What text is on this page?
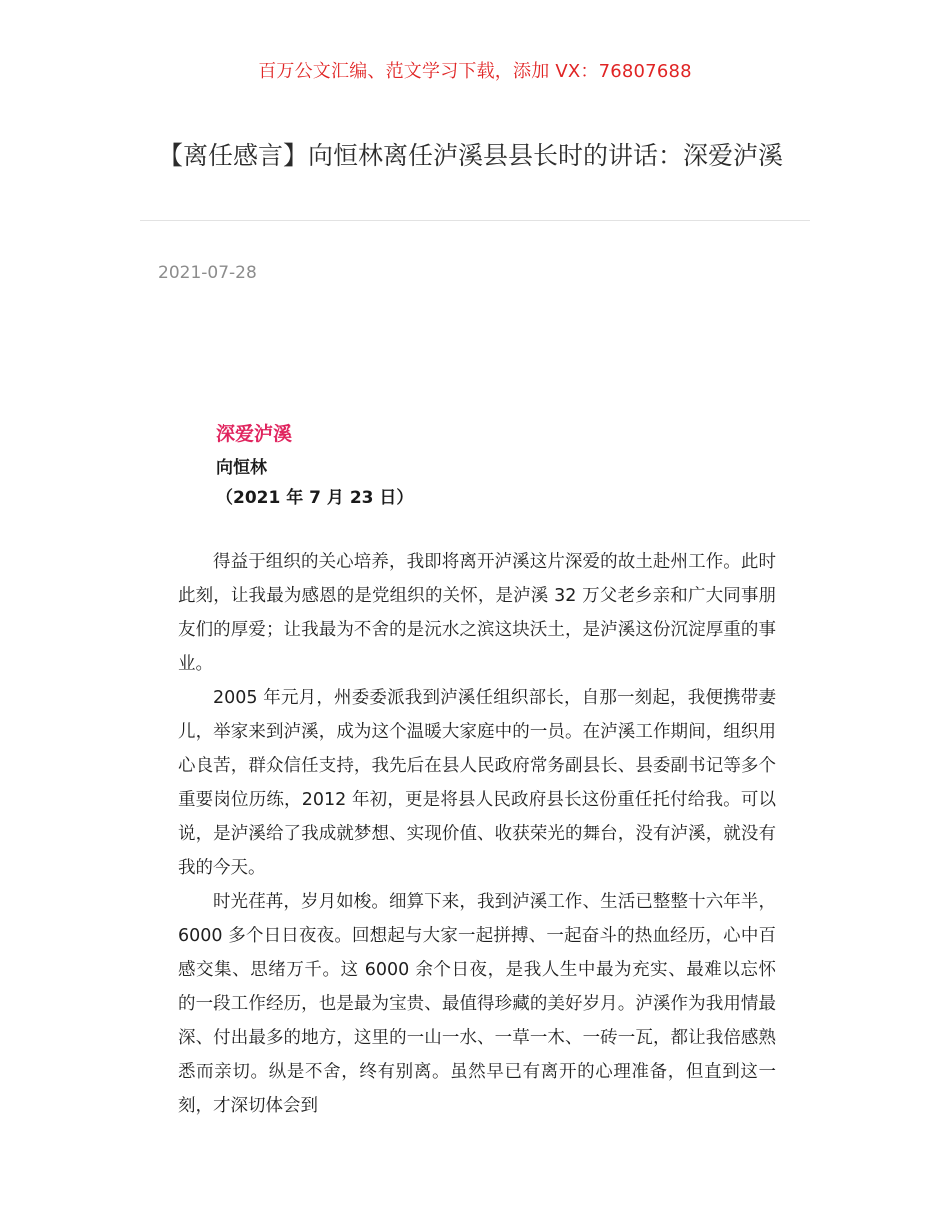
百万公文汇编、范文学习下载，添加 VX：76807688
【离任感言】向恒林离任泸溪县县长时的讲话：深爱泸溪
2021-07-28
深爱泸溪
向恒林
（2021 年 7 月 23 日）

得益于组织的关心培养，我即将离开泸溪这片深爱的故土赴州工作。此时此刻，让我最为感恩的是党组织的关怀，是泸溪 32 万父老乡亲和广大同事朋友们的厚爱；让我最为不舍的是沅水之滨这块沃土，是泸溪这份沉淀厚重的事业。

2005 年元月，州委委派我到泸溪任组织部长，自那一刻起，我便携带妻儿，举家来到泸溪，成为这个温暖大家庭中的一员。在泸溪工作期间，组织用心良苦，群众信任支持，我先后在县人民政府常务副县长、县委副书记等多个重要岗位历练，2012 年初，更是将县人民政府县长这份重任托付给我。可以说，是泸溪给了我成就梦想、实现价值、收获荣光的舞台，没有泸溪，就没有我的今天。

时光荏苒，岁月如梭。细算下来，我到泸溪工作、生活已整整十六年半，6000 多个日日夜夜。回想起与大家一起拼搏、一起奋斗的热血经历，心中百感交集、思绪万千。这 6000 余个日夜，是我人生中最为充实、最难以忘怀的一段工作经历，也是最为宝贵、最值得珍藏的美好岁月。泸溪作为我用情最深、付出最多的地方，这里的一山一水、一草一木、一砖一瓦，都让我倍感熟悉而亲切。纵是不舍，终有别离。虽然早已有离开的心理准备，但直到这一刻，才深切体会到
